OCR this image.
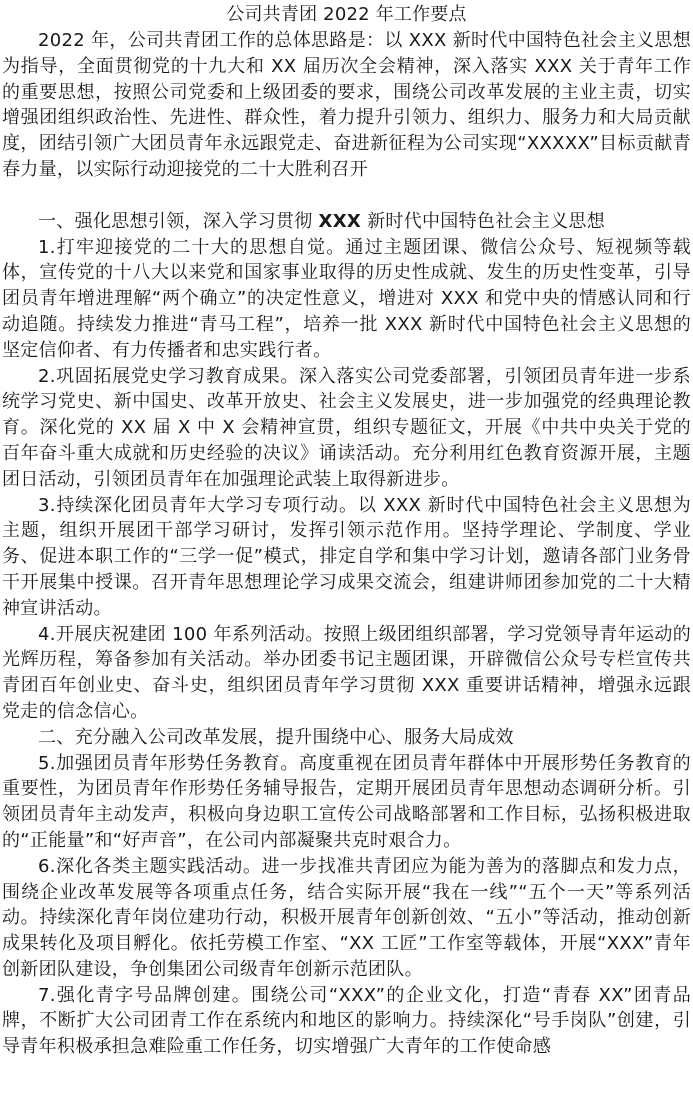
公司共青团 2022 年工作要点

2022 年，公司共青团工作的总体思路是：以 XXX 新时代中国特色社会主义思想为指导，全面贯彻党的十九大和 XX 届历次全会精神，深入落实 XXX 关于青年工作的重要思想，按照公司党委和上级团委的要求，围绕公司改革发展的主业主责，切实增强团组织政治性、先进性、群众性，着力提升引领力、组织力、服务力和大局贡献度，团结引领广大团员青年永远跟党走、奋进新征程为公司实现“XXXXX”目标贡献青春力量，以实际行动迎接党的二十大胜利召开

一、强化思想引领，深入学习贯彻 XXX 新时代中国特色社会主义思想

1.打牢迎接党的二十大的思想自觉。通过主题团课、微信公众号、短视频等载体，宣传党的十八大以来党和国家事业取得的历史性成就、发生的历史性变革，引导团员青年增进理解“两个确立”的决定性意义，增进对 XXX 和党中央的情感认同和行动追随。持续发力推进“青马工程”，培养一批 XXX 新时代中国特色社会主义思想的坚定信仰者、有力传播者和忠实践行者。

2.巩固拓展党史学习教育成果。深入落实公司党委部署，引领团员青年进一步系统学习党史、新中国史、改革开放史、社会主义发展史，进一步加强党的经典理论教育。深化党的 XX 届 X 中 X 会精神宣贯，组织专题征文，开展《中共中央关于党的百年奋斗重大成就和历史经验的决议》诵读活动。充分利用红色教育资源开展，主题团日活动，引领团员青年在加强理论武装上取得新进步。

3.持续深化团员青年大学习专项行动。以 XXX 新时代中国特色社会主义思想为主题，组织开展团干部学习研讨，发挥引领示范作用。坚持学理论、学制度、学业务、促进本职工作的“三学一促”模式，排定自学和集中学习计划，邀请各部门业务骨干开展集中授课。召开青年思想理论学习成果交流会，组建讲师团参加党的二十大精神宣讲活动。

4.开展庆祝建团 100 年系列活动。按照上级团组织部署，学习党领导青年运动的光辉历程，筹备参加有关活动。举办团委书记主题团课，开辟微信公众号专栏宣传共青团百年创业史、奋斗史，组织团员青年学习贯彻 XXX 重要讲话精神，增强永远跟党走的信念信心。

二、充分融入公司改革发展，提升围绕中心、服务大局成效

5.加强团员青年形势任务教育。高度重视在团员青年群体中开展形势任务教育的重要性，为团员青年作形势任务辅导报告，定期开展团员青年思想动态调研分析。引领团员青年主动发声，积极向身边职工宣传公司战略部署和工作目标，弘扬积极进取的“正能量”和“好声音”，在公司内部凝聚共克时艰合力。

6.深化各类主题实践活动。进一步找准共青团应为能为善为的落脚点和发力点，围绕企业改革发展等各项重点任务，结合实际开展“我在一线”“五个一天”等系列活动。持续深化青年岗位建功行动，积极开展青年创新创效、“五小”等活动，推动创新成果转化及项目孵化。依托劳模工作室、“XX 工匠”工作室等载体，开展“XXX”青年创新团队建设，争创集团公司级青年创新示范团队。

7.强化青字号品牌创建。围绕公司“XXX”的企业文化，打造“青春 XX”团青品牌，不断扩大公司团青工作在系统内和地区的影响力。持续深化“号手岗队”创建，引导青年积极承担急难险重工作任务，切实增强广大青年的工作使命感
